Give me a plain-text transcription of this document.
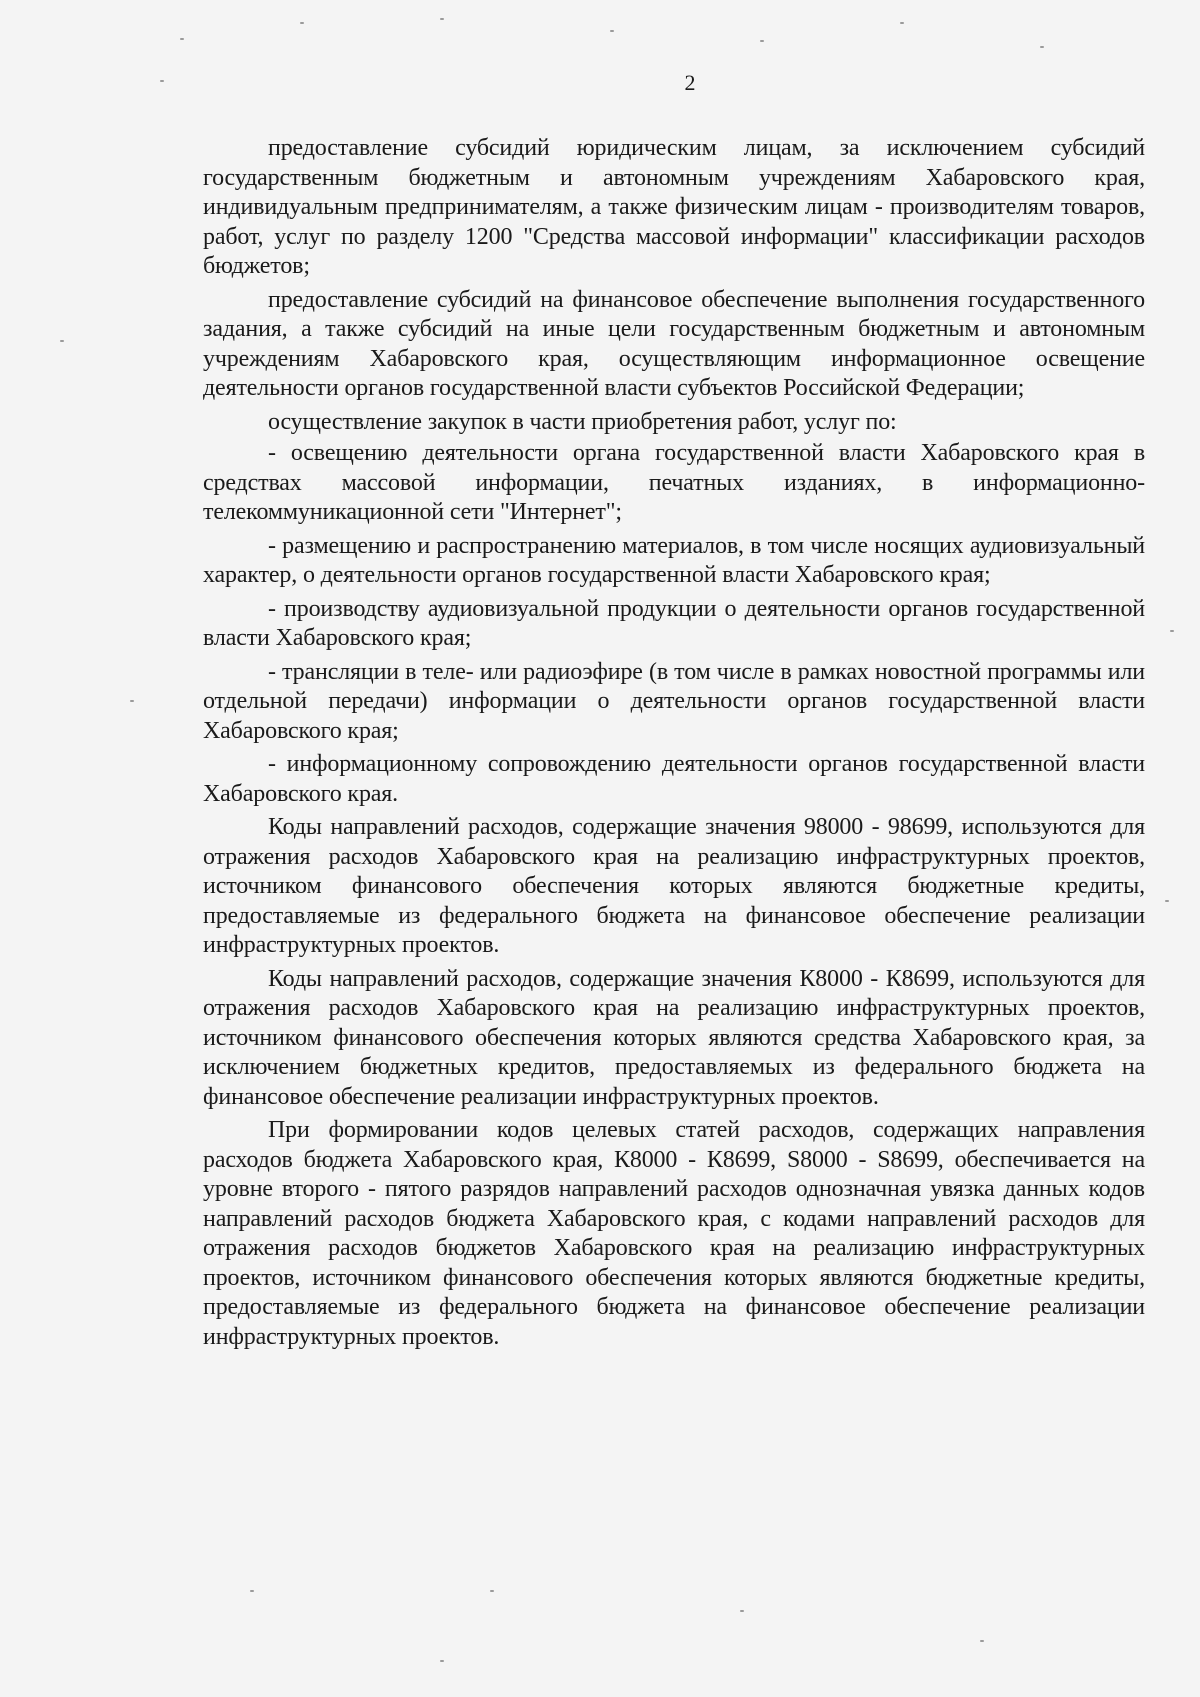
2

предоставление субсидий юридическим лицам, за исключением субсидий государственным бюджетным и автономным учреждениям Хабаровского края, индивидуальным предпринимателям, а также физическим лицам - производителям товаров, работ, услуг по разделу 1200 "Средства массовой информации" классификации расходов бюджетов;

предоставление субсидий на финансовое обеспечение выполнения государственного задания, а также субсидий на иные цели государственным бюджетным и автономным учреждениям Хабаровского края, осуществляющим информационное освещение деятельности органов государственной власти субъектов Российской Федерации;

осуществление закупок в части приобретения работ, услуг по:

- освещению деятельности органа государственной власти Хабаровского края в средствах массовой информации, печатных изданиях, в информационно-телекоммуникационной сети "Интернет";

- размещению и распространению материалов, в том числе носящих аудиовизуальный характер, о деятельности органов государственной власти Хабаровского края;

- производству аудиовизуальной продукции о деятельности органов государственной власти Хабаровского края;

- трансляции в теле- или радиоэфире (в том числе в рамках новостной программы или отдельной передачи) информации о деятельности органов государственной власти Хабаровского края;

- информационному сопровождению деятельности органов государственной власти Хабаровского края.

Коды направлений расходов, содержащие значения 98000 - 98699, используются для отражения расходов Хабаровского края на реализацию инфраструктурных проектов, источником финансового обеспечения которых являются бюджетные кредиты, предоставляемые из федерального бюджета на финансовое обеспечение реализации инфраструктурных проектов.

Коды направлений расходов, содержащие значения К8000 - К8699, используются для отражения расходов Хабаровского края на реализацию инфраструктурных проектов, источником финансового обеспечения которых являются средства Хабаровского края, за исключением бюджетных кредитов, предоставляемых из федерального бюджета на финансовое обеспечение реализации инфраструктурных проектов.

При формировании кодов целевых статей расходов, содержащих направления расходов бюджета Хабаровского края, К8000 - К8699, S8000 - S8699, обеспечивается на уровне второго - пятого разрядов направлений расходов однозначная увязка данных кодов направлений расходов бюджета Хабаровского края, с кодами направлений расходов для отражения расходов бюджетов Хабаровского края на реализацию инфраструктурных проектов, источником финансового обеспечения которых являются бюджетные кредиты, предоставляемые из федерального бюджета на финансовое обеспечение реализации инфраструктурных проектов.
